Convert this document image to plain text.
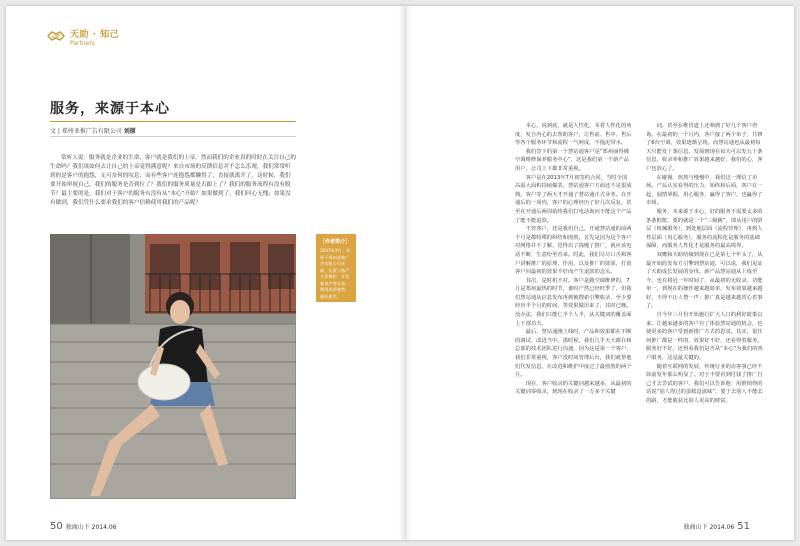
天助 · 知己
Partners
服务，来源于本心
文 | 郑州亚推广告有限公司 刘原

常听人说：服务就是企业的生命，客户就是我们的上帝。然而我们的企业真的时时在关注自己的生命吗？我们该如何去让自己的上帝觉得满意呢？来自市场的反馈信息并不怎么乐观，我们常常听到的是客户的抱怨，无可奈何的叹息；而有些客户连抱怨都懒得了，直接就离开了。这时候，我们要开始审视自己，我们的服务是否到位了？我们的服务质量是否跟上了？我们的服务流程有没有脱节？最主要的是，我们对于客户的服务有没有从“本心”开始？如果做到了，我们问心无愧；如果没有做到，我们凭什么要求我们的客户信赖使用我们的产品呢？

［作者简介］
2007年3月，刘原于郑州亚推广告有限公司任职，负责与客户关系维护、开发新客户等业务，期间成绩斐然，屡获嘉奖。

本心，说到底，就是人性化，本着人性化的角度，发自内心的去帮助客户，让售前、售中、售后等各个服务环节和流程一气呵成，不拖泥带水。

我们签下的第一个慧站通客户是“郑州丽得佛空调维修保养服务中心”，这是我们第一个新产品用户，公司上下都非常重视。

客户是在2013年7月初签约合同，当时全国高温大面积持续爆表，慧站通客户方面还不是很成熟，客户等了两天才开通了慧站通正式业务。在开通后的一周内，客户的心理经历了好几次反复，甚至在开通后两周始终我们打电话询问不能这个产品了能不能退款。

不管客户，还是我们自己，开通慧站通的前两个月是都特殊的纠结和煎熬。首先是因为这个客户对网络并不了解，觉得出了钱慢了推广，就应该电话不断，生意纷至沓来。时此，我们尽尽口舌和客户讲解推广的原理、作用，以及推广的效果，打消客户回最初的效果不好而产生退款的念头。

其次，是时机不对。客户是做空调维修的，7月是郑州最热的时节，谁时产然已经旺季了，但我们慧站通从信息发布再到被搜索引擎收录，至少要经历半个月的时间，等效果做出来了，其时已晚。没办法，我们只能仨半个人半，从关键词的覆盖面上下部功夫。

最后，慧站通刚上线时，产品和效果都在不断的调试、改进当中。那时候，我们几乎天天都在和总部的技术团队进行沟通，因为这是第一个客户，我们非常重视，客户没时间管理后台，我们就帮他们代发信息，在改进和维护中度过了最煎熬的两个月。

现在，客户收录的关键词越来越多，从最初的关键词零收录，到现在收录了一万多个关键

词，甚至在维管道上还频到了好几个客户咨询。在最初的一个月内，客户接了两个单子，共修了6台空调，效果逐渐呈现。而慧站通也从最初每天只能发十条信息，发展到现在每天可以发五十条信息，收录率和推广效果越来越好，我们的心，客户也放心了。

在碰撞、煎熬与慢慢中，我们这一理信了市场。产品认实看得的压力，始终和后面，客户在一起，闻情掌握，用心服务，赢得了客户，也赢得了市场。

服务，本来源于本心，好的服务不需要太多的条条框框，要的就是一个“三级跳”，即从用户的阶层（机械服务），到处地层面（流程管理），再到人性层面（用心服务），服务的流程化是服务的基础保障，而服务人性化才是服务的最高境界。

双鹰和天助结缘到现在已是第七个年头了，从最开始的发布方引擎到慧站通，可以说，我们见证了天助成长发展的步伐。新产品慧站通从上线至今，也有将近一年时间了，从最初的无收录、功能单一，到现在的操作越来越简单，发布效果越来越好，不得不让人赞一声：推广真是越来越省心省事了。

自今年三月份开始施行扩大人口的利好政策以来，让越来越多的客户有了体验慧站通的机会，也使更多的客户受到新推广方式的恩泉。其实，很任何推广都是一样的，效果好不好，还看得着服务。服务好不好，还得看我们是否从“本心”为我们的客户服务，这是最关键的。

随着互联网的发展，传统行业的访客事已经不如前发年那么明显了。对于丰要看到付钱了推广自己才去尝试的客户，我们可以告诉他：用推销得的话说“别人得过的蛋糕没滋味”，要于去别人不能去的路，才能收获比别人更高的财富。

50 独商山下 2014.06	独商山下 2014.06 51
